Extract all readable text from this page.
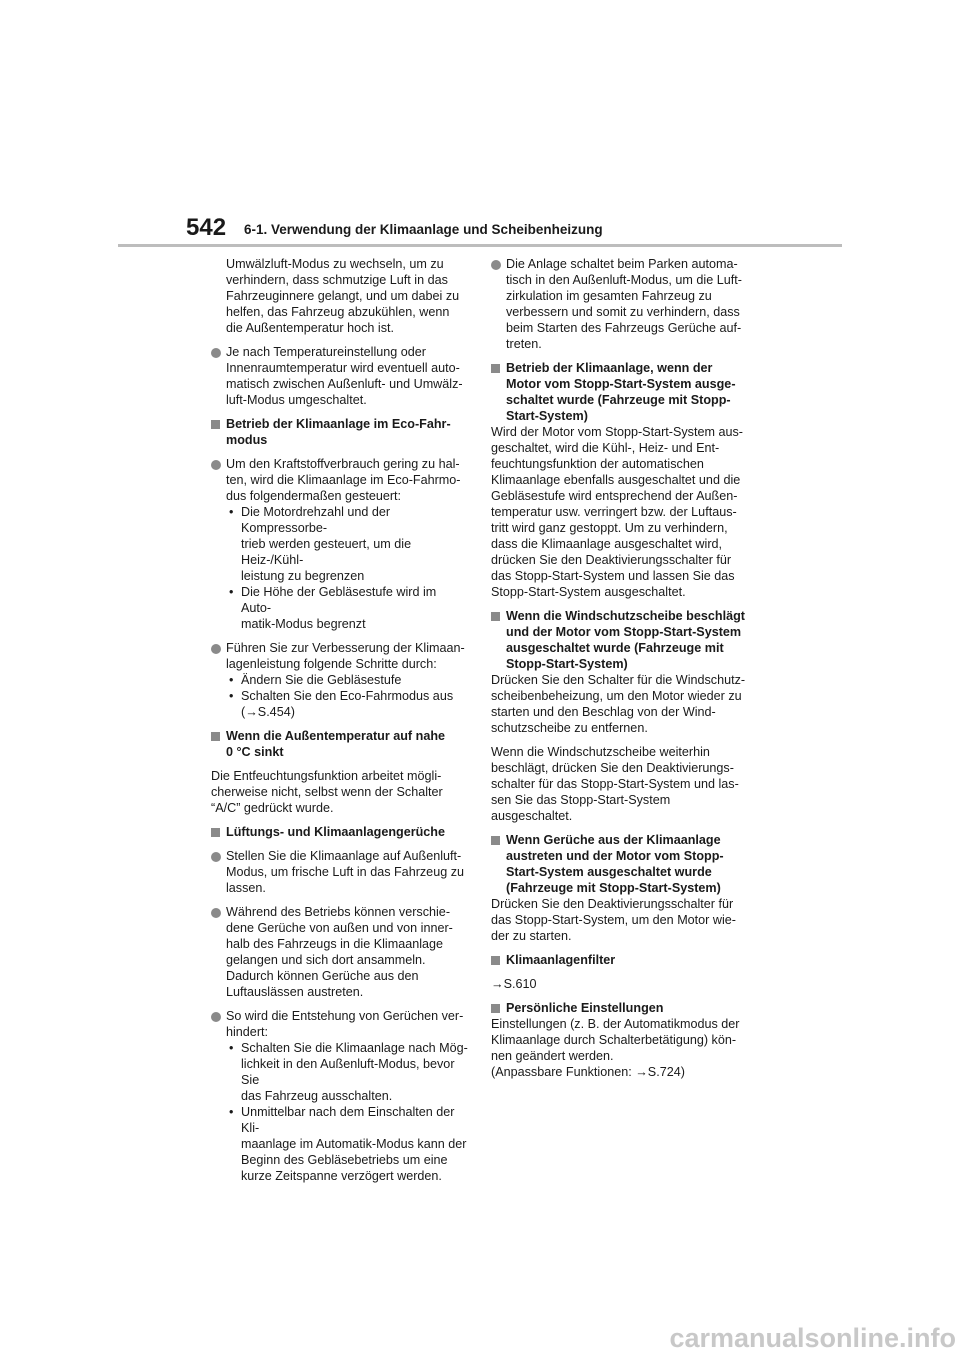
542 6-1. Verwendung der Klimaanlage und Scheibenheizung
Umwälzluft-Modus zu wechseln, um zu
verhindern, dass schmutzige Luft in das
Fahrzeuginnere gelangt, und um dabei zu
helfen, das Fahrzeug abzukühlen, wenn
die Außentemperatur hoch ist.
Je nach Temperatureinstellung oder
Innenraumtemperatur wird eventuell auto-
matisch zwischen Außenluft- und Umwälz-
luft-Modus umgeschaltet.
Betrieb der Klimaanlage im Eco-Fahr-
modus
Um den Kraftstoffverbrauch gering zu hal-
ten, wird die Klimaanlage im Eco-Fahrmo-
dus folgendermaßen gesteuert:
• Die Motordrehzahl und der Kompressorbe-
trieb werden gesteuert, um die Heiz-/Kühl-
leistung zu begrenzen
• Die Höhe der Gebläsestufe wird im Auto-
matik-Modus begrenzt
Führen Sie zur Verbesserung der Klimaan-
lagenleistung folgende Schritte durch:
• Ändern Sie die Gebläsestufe
• Schalten Sie den Eco-Fahrmodus aus
(→S.454)
Wenn die Außentemperatur auf nahe
0 °C sinkt
Die Entfeuchtungsfunktion arbeitet mögli-
cherweise nicht, selbst wenn der Schalter
“A/C” gedrückt wurde.
Lüftungs- und Klimaanlagengerüche
Stellen Sie die Klimaanlage auf Außenluft-
Modus, um frische Luft in das Fahrzeug zu
lassen.
Während des Betriebs können verschie-
dene Gerüche von außen und von inner-
halb des Fahrzeugs in die Klimaanlage
gelangen und sich dort ansammeln.
Dadurch können Gerüche aus den
Luftauslässen austreten.
So wird die Entstehung von Gerüchen ver-
hindert:
• Schalten Sie die Klimaanlage nach Mög-
lichkeit in den Außenluft-Modus, bevor Sie
das Fahrzeug ausschalten.
• Unmittelbar nach dem Einschalten der Kli-
maanlage im Automatik-Modus kann der
Beginn des Gebläsebetriebs um eine
kurze Zeitspanne verzögert werden.
Die Anlage schaltet beim Parken automa-
tisch in den Außenluft-Modus, um die Luft-
zirkulation im gesamten Fahrzeug zu
verbessern und somit zu verhindern, dass
beim Starten des Fahrzeugs Gerüche auf-
treten.
Betrieb der Klimaanlage, wenn der
Motor vom Stopp-Start-System ausge-
schaltet wurde (Fahrzeuge mit Stopp-
Start-System)
Wird der Motor vom Stopp-Start-System aus-
geschaltet, wird die Kühl-, Heiz- und Ent-
feuchtungsfunktion der automatischen
Klimaanlage ebenfalls ausgeschaltet und die
Gebläsestufe wird entsprechend der Außen-
temperatur usw. verringert bzw. der Luftaus-
tritt wird ganz gestoppt. Um zu verhindern,
dass die Klimaanlage ausgeschaltet wird,
drücken Sie den Deaktivierungsschalter für
das Stopp-Start-System und lassen Sie das
Stopp-Start-System ausgeschaltet.
Wenn die Windschutzscheibe beschlägt
und der Motor vom Stopp-Start-System
ausgeschaltet wurde (Fahrzeuge mit
Stopp-Start-System)
Drücken Sie den Schalter für die Windschutz-
scheibenbeheizung, um den Motor wieder zu
starten und den Beschlag von der Wind-
schutzscheibe zu entfernen.
Wenn die Windschutzscheibe weiterhin
beschlägt, drücken Sie den Deaktivierungs-
schalter für das Stopp-Start-System und las-
sen Sie das Stopp-Start-System
ausgeschaltet.
Wenn Gerüche aus der Klimaanlage
austreten und der Motor vom Stopp-
Start-System ausgeschaltet wurde
(Fahrzeuge mit Stopp-Start-System)
Drücken Sie den Deaktivierungsschalter für
das Stopp-Start-System, um den Motor wie-
der zu starten.
Klimaanlagenfilter
→S.610
Persönliche Einstellungen
Einstellungen (z. B. der Automatikmodus der
Klimaanlage durch Schalterbetätigung) kön-
nen geändert werden.
(Anpassbare Funktionen: →S.724)
carmanualsonline.info
